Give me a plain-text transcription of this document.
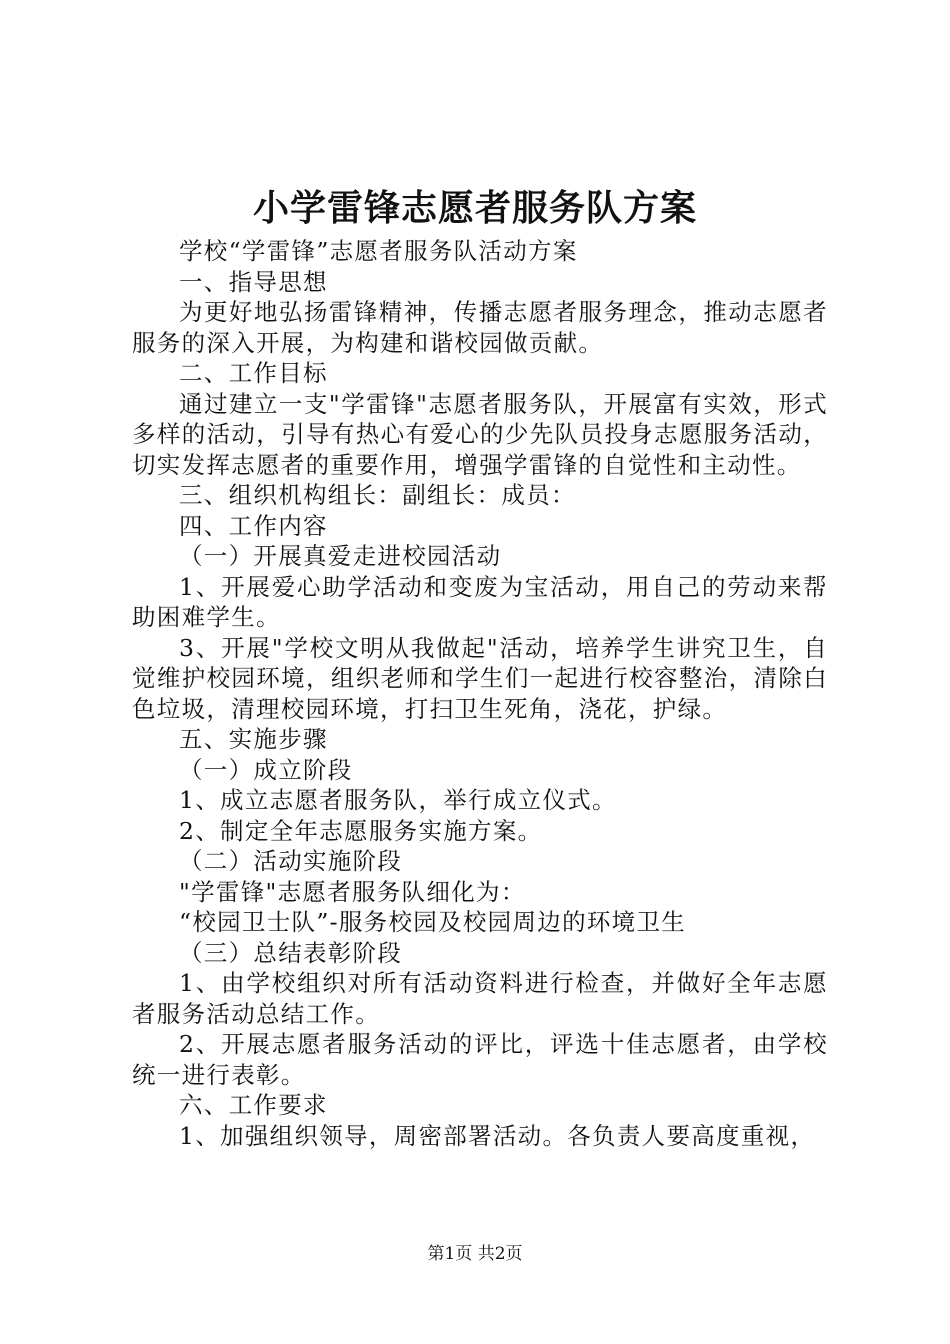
小学雷锋志愿者服务队方案

学校“学雷锋”志愿者服务队活动方案

一、指导思想

为更好地弘扬雷锋精神，传播志愿者服务理念，推动志愿者服务的深入开展，为构建和谐校园做贡献。

二、工作目标

通过建立一支"学雷锋"志愿者服务队，开展富有实效，形式多样的活动，引导有热心有爱心的少先队员投身志愿服务活动，切实发挥志愿者的重要作用，增强学雷锋的自觉性和主动性。

三、组织机构组长：副组长：成员：

四、工作内容

（一）开展真爱走进校园活动

1、开展爱心助学活动和变废为宝活动，用自己的劳动来帮助困难学生。

3、开展"学校文明从我做起"活动，培养学生讲究卫生，自觉维护校园环境，组织老师和学生们一起进行校容整治，清除白色垃圾，清理校园环境，打扫卫生死角，浇花，护绿。

五、实施步骤

（一）成立阶段

1、成立志愿者服务队，举行成立仪式。

2、制定全年志愿服务实施方案。

（二）活动实施阶段

"学雷锋"志愿者服务队细化为：

“校园卫士队”-服务校园及校园周边的环境卫生

（三）总结表彰阶段

1、由学校组织对所有活动资料进行检查，并做好全年志愿者服务活动总结工作。

2、开展志愿者服务活动的评比，评选十佳志愿者，由学校统一进行表彰。

六、工作要求

1、加强组织领导，周密部署活动。各负责人要高度重视，

第1页 共2页
